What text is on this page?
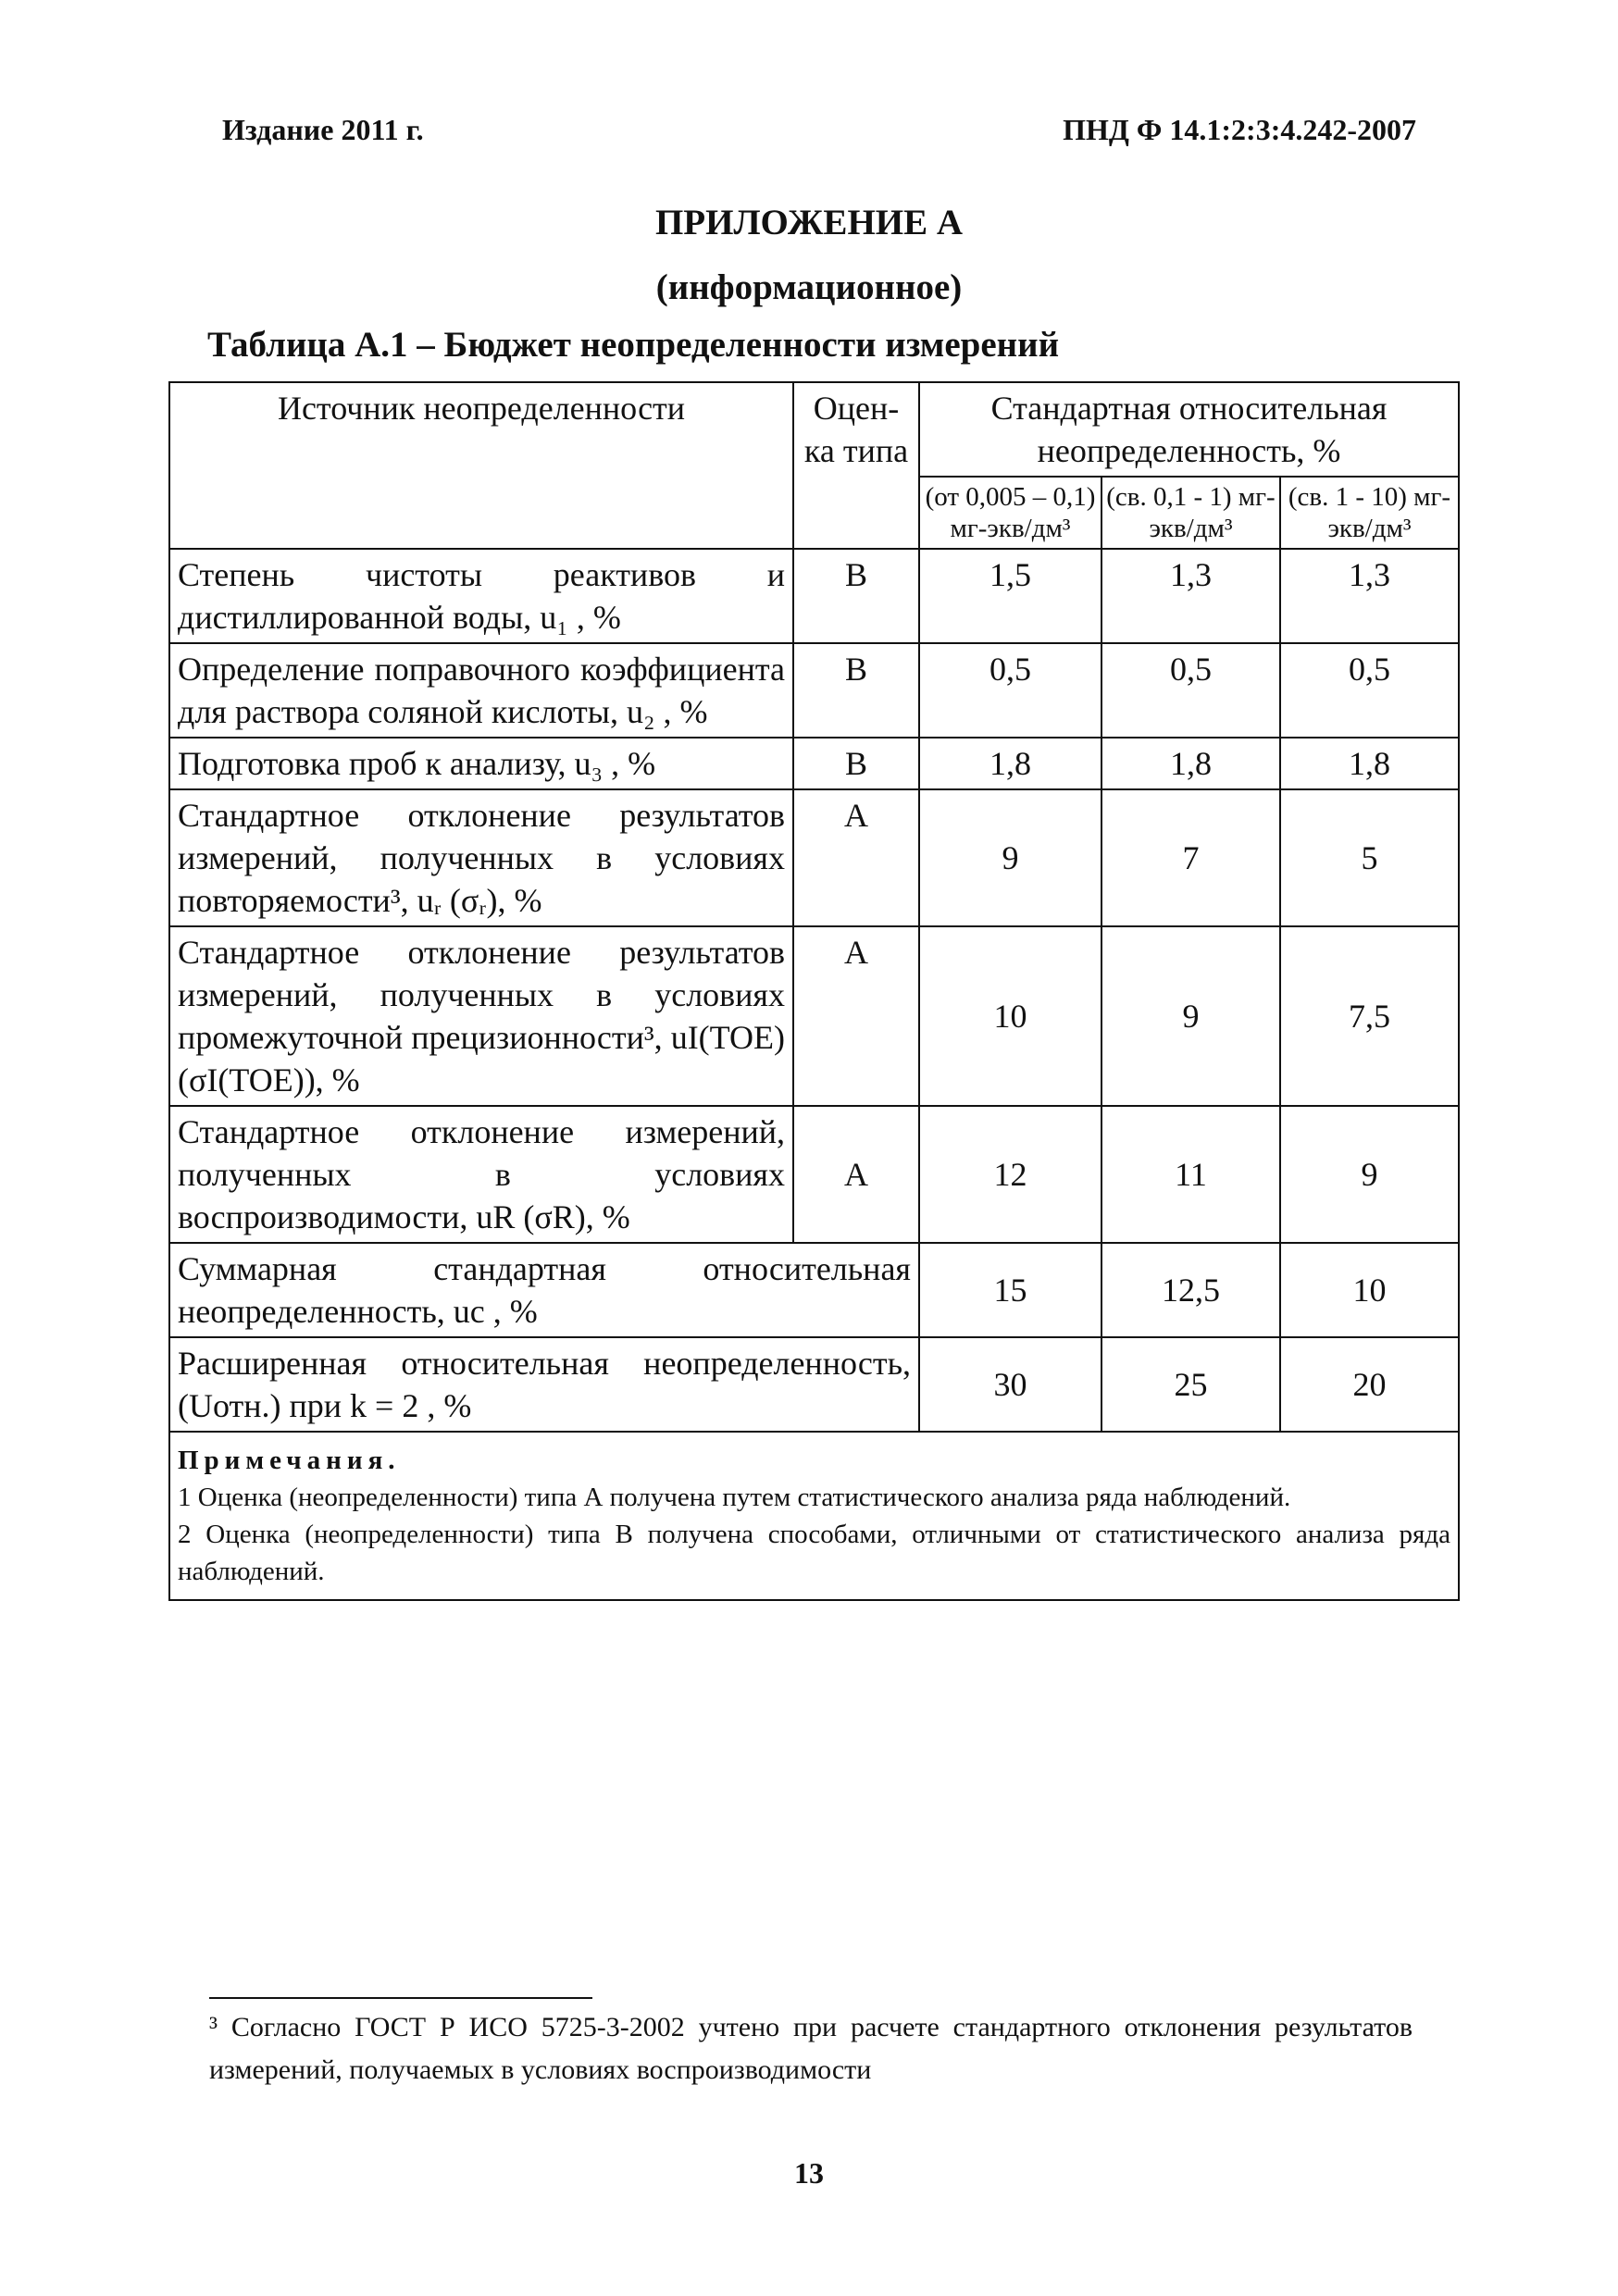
Издание 2011 г.	ПНД Ф 14.1:2:3:4.242-2007
ПРИЛОЖЕНИЕ А
(информационное)
Таблица А.1 – Бюджет неопределенности измерений
Источник неопределенности	Оцен-ка типа	Стандартная относительная неопределенность, %		
		(от 0,005 – 0,1) мг-экв/дм³	(св. 0,1 - 1) мг-экв/дм³	(св. 1 - 10) мг-экв/дм³
Степень чистоты реактивов и дистиллированной воды, u₁ , %	В	1,5	1,3	1,3
Определение поправочного коэффициента для раствора соляной кислоты, u₂ , %	В	0,5	0,5	0,5
Подготовка проб к анализу, u₃ , %	В	1,8	1,8	1,8
Стандартное отклонение результатов измерений, полученных в условиях повторяемости³, uᵣ (σᵣ), %	А	9	7	5
Стандартное отклонение результатов измерений, полученных в условиях промежуточной прецизионности³, uI(TOE) (σI(TOE)), %	А	10	9	7,5
Стандартное отклонение измерений, полученных в условиях воспроизводимости, uR (σR), %	А	12	11	9
Суммарная стандартная относительная неопределенность, uc , %		15	12,5	10
Расширенная относительная неопределенность, (Uотн.) при k = 2 , %		30	25	20

Примечания.
1 Оценка (неопределенности) типа А получена путем статистического анализа ряда наблюдений.
2 Оценка (неопределенности) типа В получена способами, отличными от статистического анализа ряда наблюдений.				
³ Согласно ГОСТ Р ИСО 5725-3-2002 учтено при расчете стандартного отклонения результатов измерений, получаемых в условиях воспроизводимости
13
